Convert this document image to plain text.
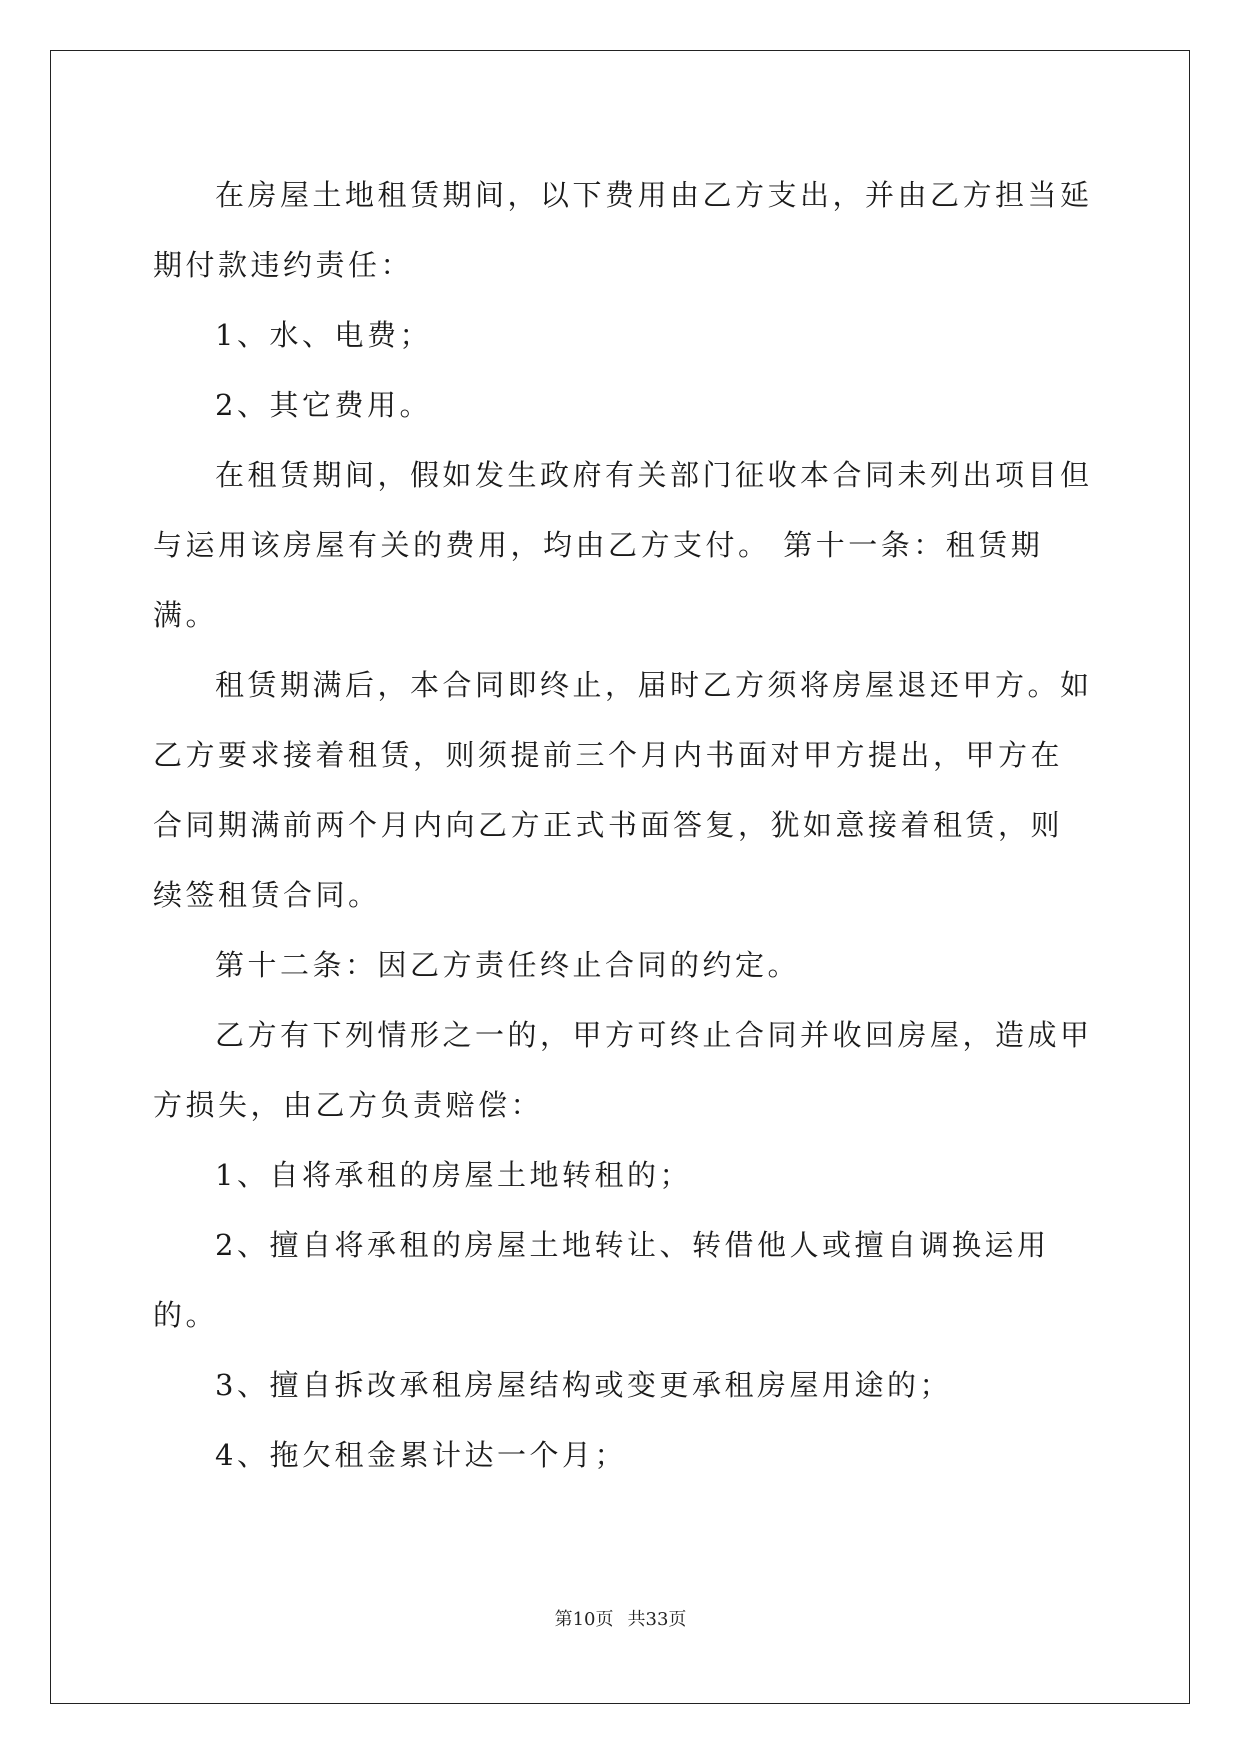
在房屋土地租赁期间，以下费用由乙方支出，并由乙方担当延期付款违约责任：

1、水、电费；

2、其它费用。

在租赁期间，假如发生政府有关部门征收本合同未列出项目但与运用该房屋有关的费用，均由乙方支付。 第十一条：租赁期满。

租赁期满后，本合同即终止，届时乙方须将房屋退还甲方。如乙方要求接着租赁，则须提前三个月内书面对甲方提出，甲方在合同期满前两个月内向乙方正式书面答复，犹如意接着租赁，则续签租赁合同。

第十二条：因乙方责任终止合同的约定。

乙方有下列情形之一的，甲方可终止合同并收回房屋，造成甲方损失，由乙方负责赔偿：

1、自将承租的房屋土地转租的；

2、擅自将承租的房屋土地转让、转借他人或擅自调换运用的。

3、擅自拆改承租房屋结构或变更承租房屋用途的；

4、拖欠租金累计达一个月；

第10页 共33页
